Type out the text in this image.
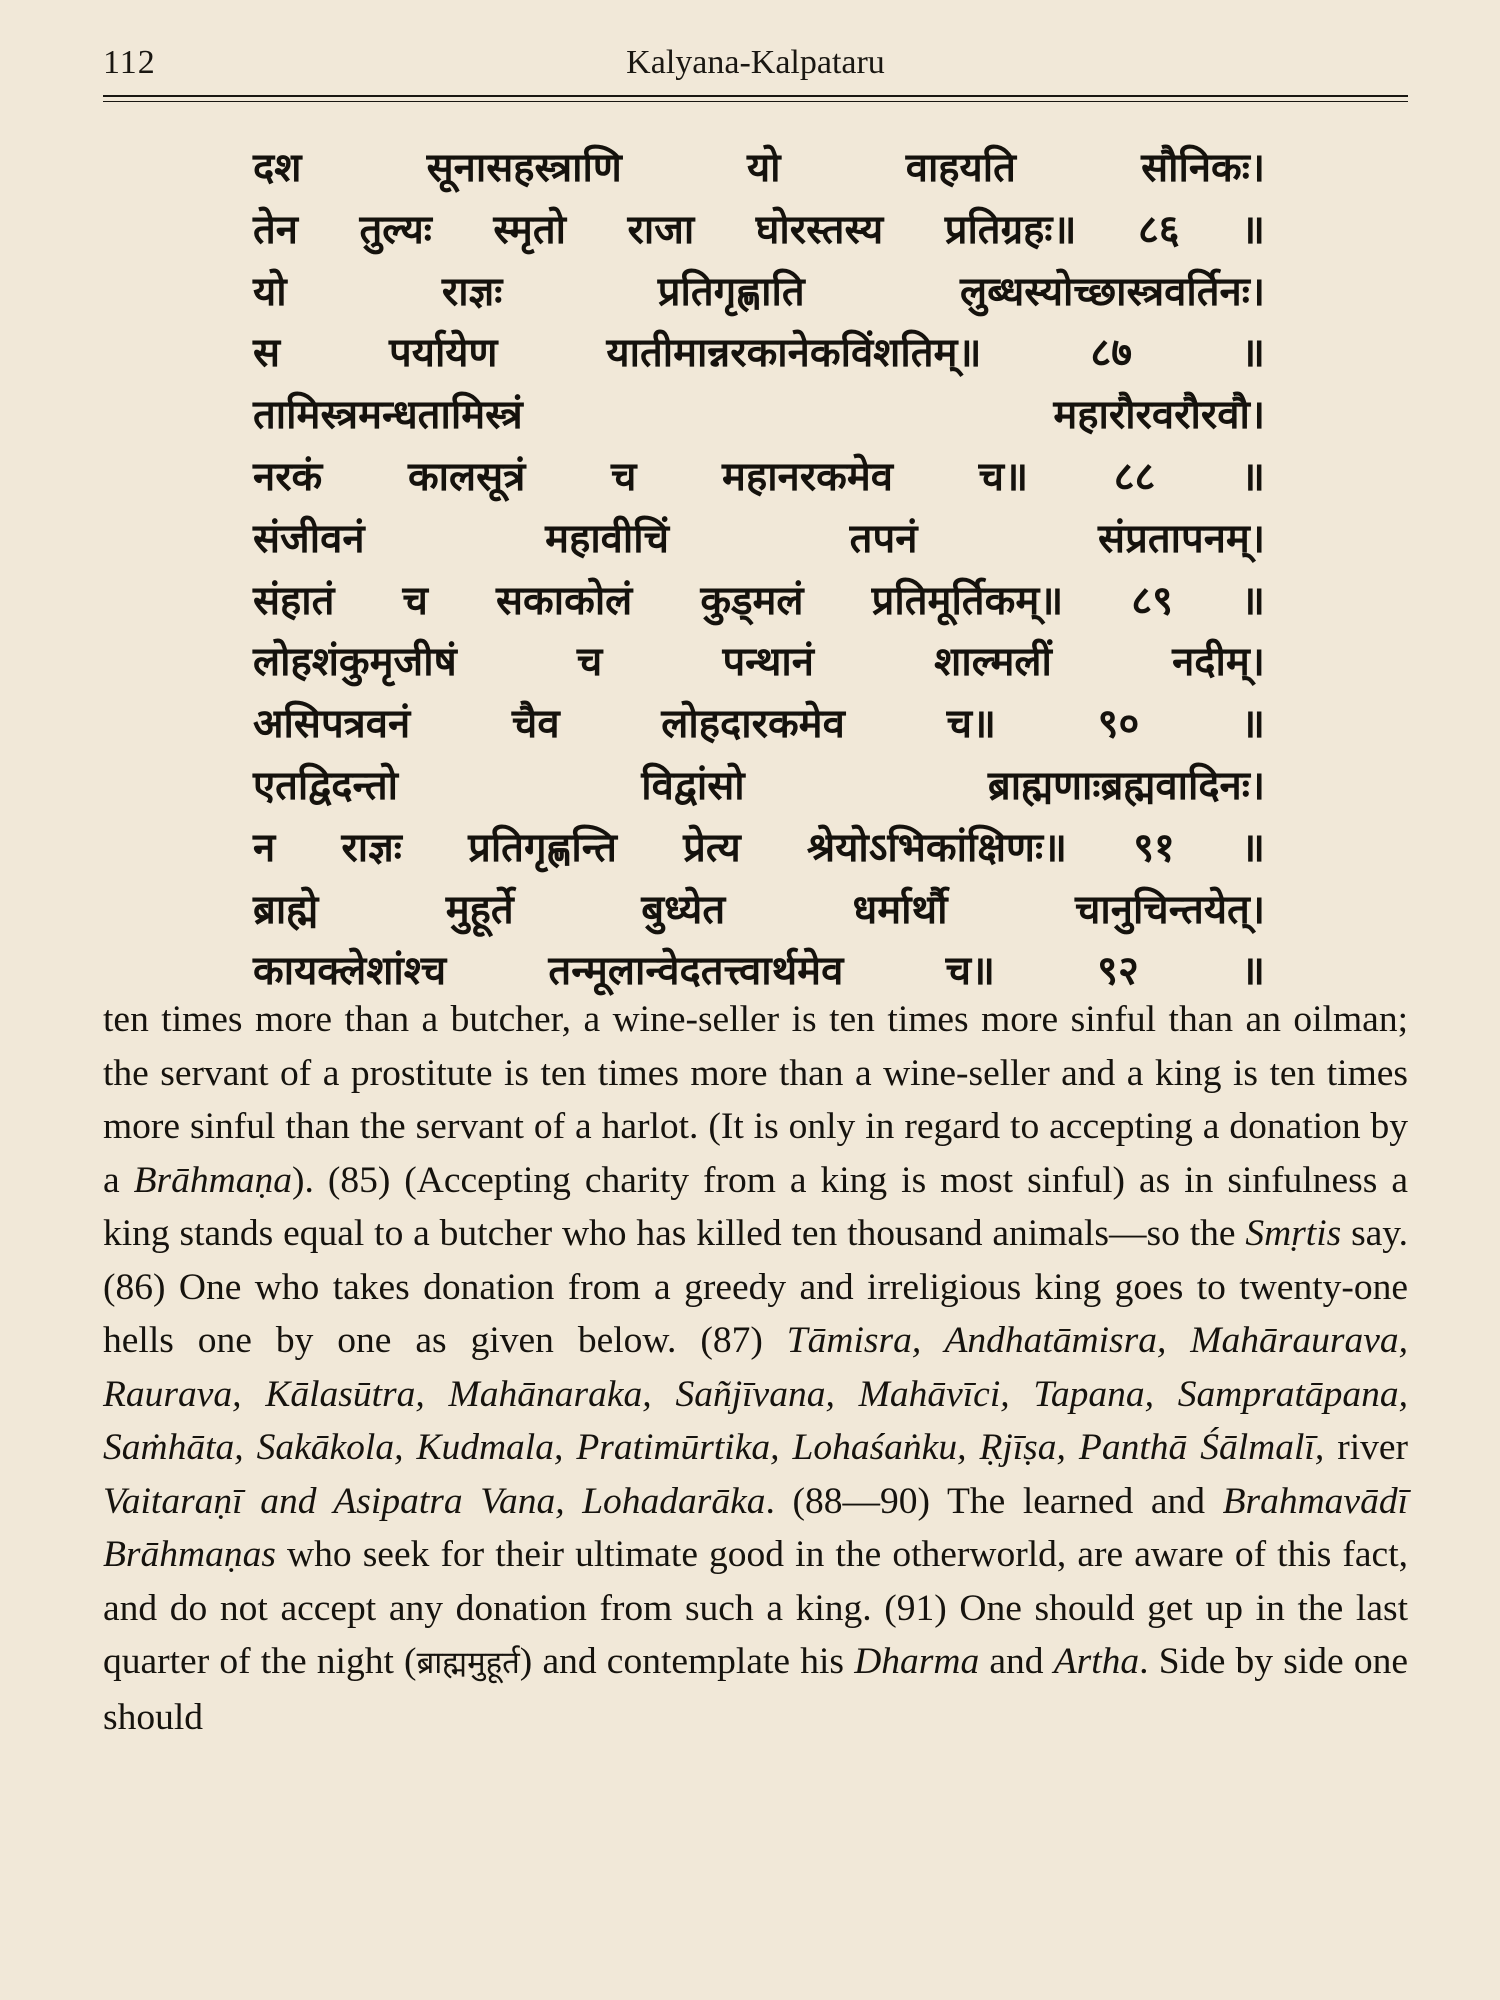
112	Kalyana-Kalpataru
दश	सूनासहस्त्राणि	यो	वाहयति	सौनिकः।
तेन तुल्यः स्मृतो राजा घोरस्तस्य प्रतिग्रहः॥ ८६ ॥
यो	राज्ञः	प्रतिगृह्णाति	लुब्धस्योच्छास्त्रवर्तिनः।
स	पर्यायेण	यातीमान्नरकानेकविंशतिम्॥	८७	॥
तामिस्त्रमन्धतामिस्त्रं	महारौरवरौरवौ।
नरकं कालसूत्रं च महानरकमेव च॥ ८८ ॥
संजीवनं	महावीचिं	तपनं	संप्रतापनम्।
संहातं च सकाकोलं कुड्मलं प्रतिमूर्तिकम्॥ ८९ ॥
लोहशंकुमृजीषं	च	पन्थानं	शाल्मलीं	नदीम्।
असिपत्रवनं	चैव	लोहदारकमेव	च॥	९०	॥
एतद्विदन्तो	विद्वांसो	ब्राह्मणाःब्रह्मवादिनः।
न राज्ञः प्रतिगृह्णन्ति प्रेत्य श्रेयोऽभिकांक्षिणः॥ ९१ ॥
ब्राह्मे	मुहूर्ते	बुध्येत	धर्मार्थौ	चानुचिन्तयेत्।
कायक्लेशांश्च	तन्मूलान्वेदतत्त्वार्थमेव	च॥	९२	॥

ten times more than a butcher, a wine-seller is ten times more sinful than an oilman; the servant of a prostitute is ten times more than a wine-seller and a king is ten times more sinful than the servant of a harlot. (It is only in regard to accepting a donation by a Brāhmaṇa). (85) (Accepting charity from a king is most sinful) as in sinfulness a king stands equal to a butcher who has killed ten thousand animals—so the Smṛtis say. (86) One who takes donation from a greedy and irreligious king goes to twenty-one hells one by one as given below. (87) Tāmisra, Andhatāmisra, Mahāraurava, Raurava, Kālasūtra, Mahānaraka, Sañjīvana, Mahāvīci, Tapana, Sampratāpana, Saṁhāta, Sakākola, Kudmala, Pratimūrtika, Lohaśaṅku, Ṛjīṣa, Panthā Śālmalī, river Vaitaraṇī and Asipatra Vana, Lohadarāka. (88—90) The learned and Brahmavādī Brāhmaṇas who seek for their ultimate good in the otherworld, are aware of this fact, and do not accept any donation from such a king. (91) One should get up in the last quarter of the night (ब्राह्ममुहूर्त) and contemplate his Dharma and Artha. Side by side one should
